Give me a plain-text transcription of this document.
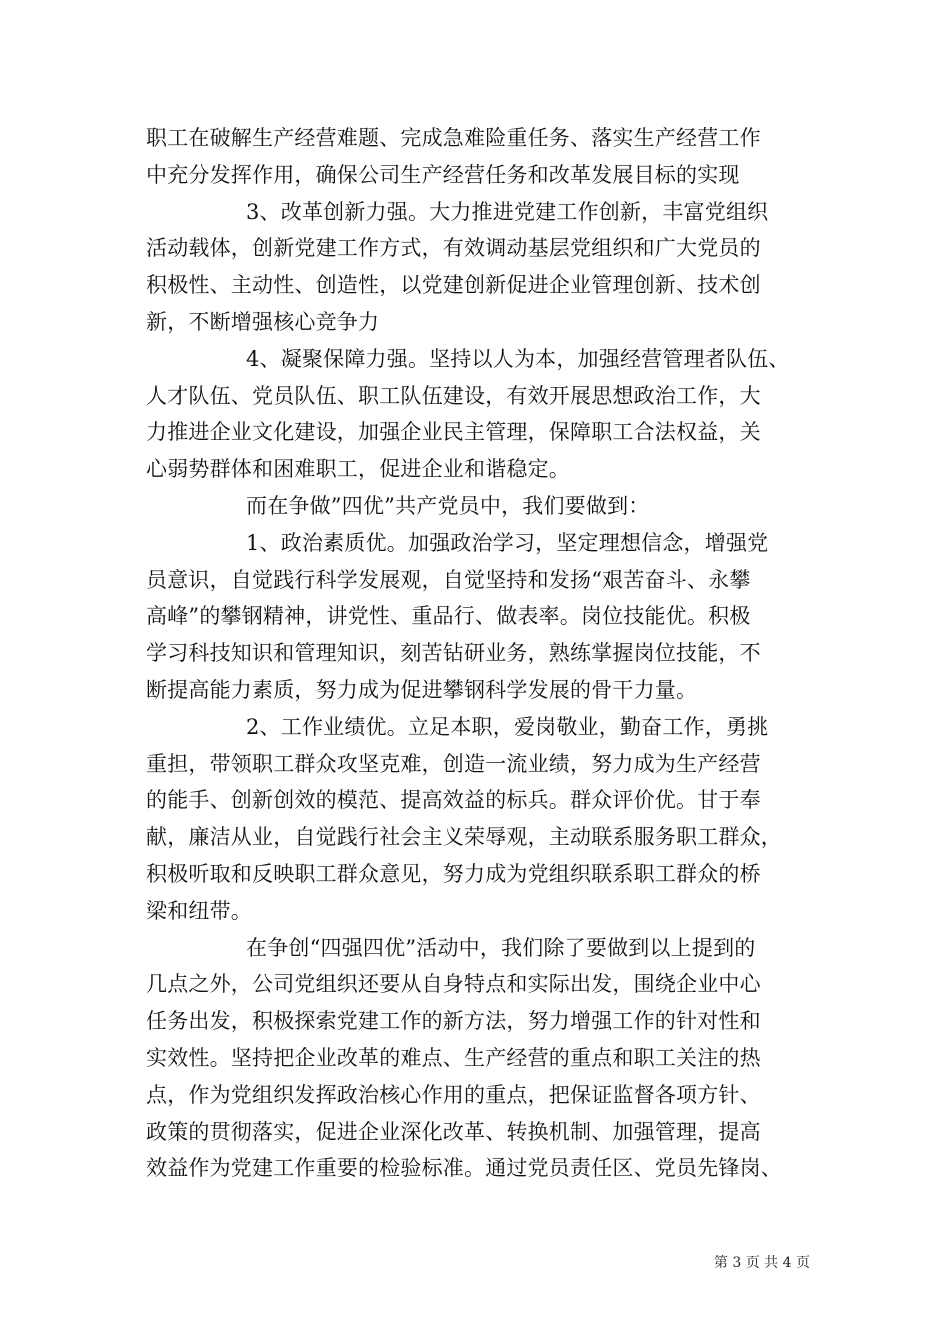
职工在破解生产经营难题、完成急难险重任务、落实生产经营工作
中充分发挥作用，确保公司生产经营任务和改革发展目标的实现
3、改革创新力强。大力推进党建工作创新，丰富党组织
活动载体，创新党建工作方式，有效调动基层党组织和广大党员的
积极性、主动性、创造性，以党建创新促进企业管理创新、技术创
新，不断增强核心竞争力
4、凝聚保障力强。坚持以人为本，加强经营管理者队伍、
人才队伍、党员队伍、职工队伍建设，有效开展思想政治工作，大
力推进企业文化建设，加强企业民主管理，保障职工合法权益，关
心弱势群体和困难职工，促进企业和谐稳定。
而在争做”四优”共产党员中，我们要做到：
1、政治素质优。加强政治学习，坚定理想信念，增强党
员意识，自觉践行科学发展观，自觉坚持和发扬“艰苦奋斗、永攀
高峰”的攀钢精神，讲党性、重品行、做表率。岗位技能优。积极
学习科技知识和管理知识，刻苦钻研业务，熟练掌握岗位技能，不
断提高能力素质，努力成为促进攀钢科学发展的骨干力量。
2、工作业绩优。立足本职，爱岗敬业，勤奋工作，勇挑
重担，带领职工群众攻坚克难，创造一流业绩，努力成为生产经营
的能手、创新创效的模范、提高效益的标兵。群众评价优。甘于奉
献，廉洁从业，自觉践行社会主义荣辱观，主动联系服务职工群众，
积极听取和反映职工群众意见，努力成为党组织联系职工群众的桥
梁和纽带。
在争创“四强四优”活动中，我们除了要做到以上提到的
几点之外，公司党组织还要从自身特点和实际出发，围绕企业中心
任务出发，积极探索党建工作的新方法，努力增强工作的针对性和
实效性。坚持把企业改革的难点、生产经营的重点和职工关注的热
点，作为党组织发挥政治核心作用的重点，把保证监督各项方针、
政策的贯彻落实，促进企业深化改革、转换机制、加强管理，提高
效益作为党建工作重要的检验标准。通过党员责任区、党员先锋岗、
第 3 页 共 4 页
